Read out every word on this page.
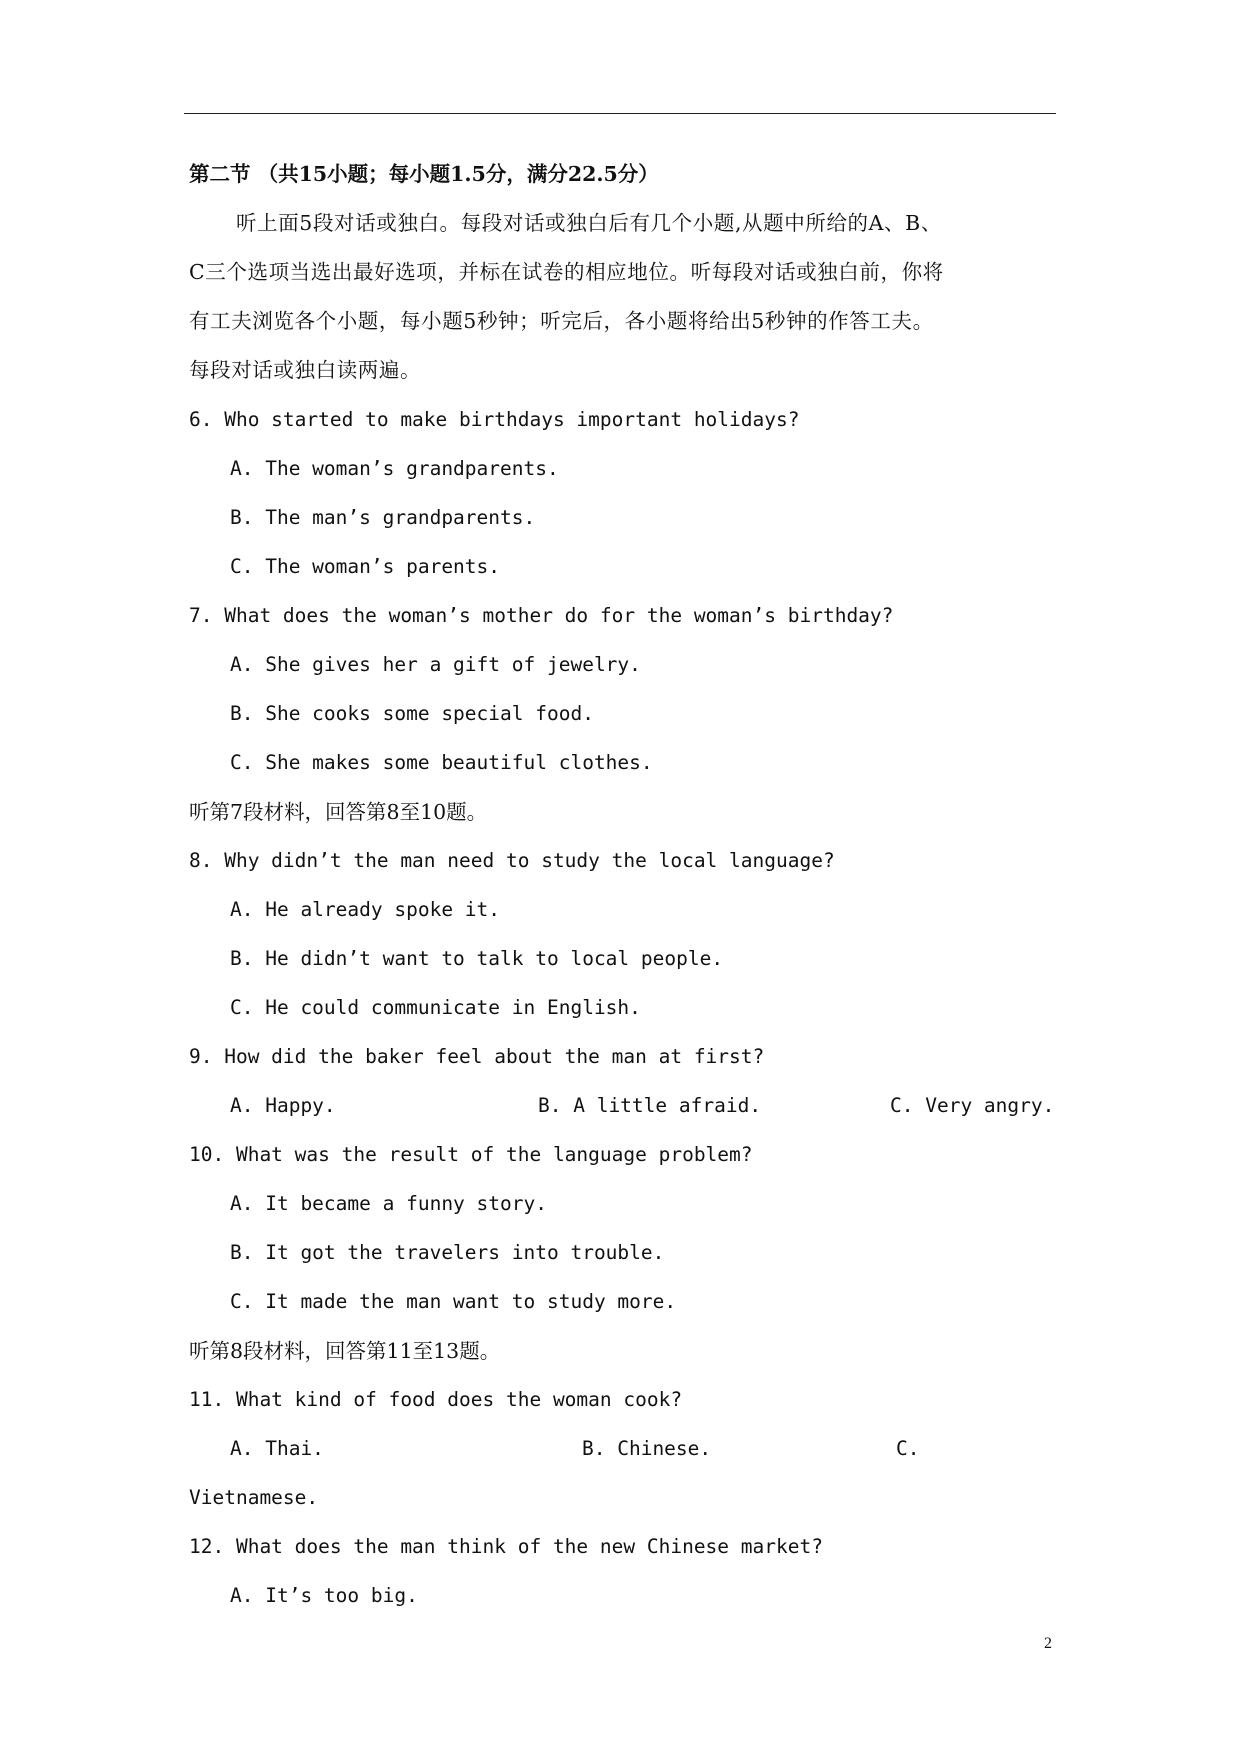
第二节 （共15小题；每小题1.5分，满分22.5分）
听上面5段对话或独白。每段对话或独白后有几个小题,从题中所给的A、B、
C三个选项当选出最好选项，并标在试卷的相应地位。听每段对话或独白前，你将
有工夫浏览各个小题，每小题5秒钟；听完后，各小题将给出5秒钟的作答工夫。
每段对话或独白读两遍。
6. Who started to make birthdays important holidays?
A. The woman’s grandparents.
B. The man’s grandparents.
C. The woman’s parents.
7. What does the woman’s mother do for the woman’s birthday?
A. She gives her a gift of jewelry.
B. She cooks some special food.
C. She makes some beautiful clothes.
听第7段材料，回答第8至10题。
8. Why didn’t the man need to study the local language?
A. He already spoke it.
B. He didn’t want to talk to local people.
C. He could communicate in English.
9. How did the baker feel about the man at first?
A. Happy.	B. A little afraid.	C. Very angry.
10. What was the result of the language problem?
A. It became a funny story.
B. It got the travelers into trouble.
C. It made the man want to study more.
听第8段材料，回答第11至13题。
11. What kind of food does the woman cook?
A. Thai.	B. Chinese.	C.
Vietnamese.
12. What does the man think of the new Chinese market?
A. It’s too big.
2
